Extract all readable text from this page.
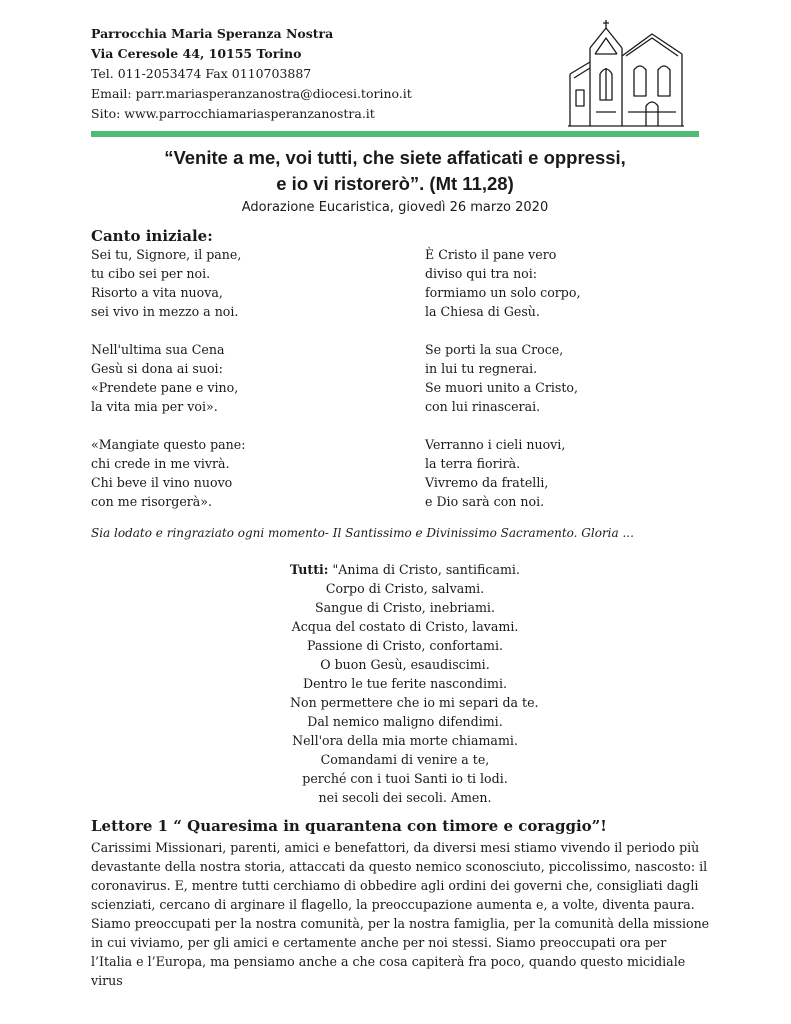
Parrocchia Maria Speranza Nostra
Via Ceresole 44, 10155 Torino
Tel. 011-2053474 Fax 0110703887
Email: parr.mariasperanzanostra@diocesi.torino.it
Sito: www.parrocchiamariasperanzanostra.it
“Venite a me, voi tutti, che siete affaticati e oppressi,
e io vi ristorerò”. (Mt 11,28)
Adorazione Eucaristica, giovedì 26 marzo 2020
Canto iniziale:
Sei tu, Signore, il pane,
tu cibo sei per noi.
Risorto a vita nuova,
sei vivo in mezzo a noi.
Nell'ultima sua Cena
Gesù si dona ai suoi:
«Prendete pane e vino,
la vita mia per voi».
«Mangiate questo pane:
chi crede in me vivrà.
Chi beve il vino nuovo
con me risorgerà».
È Cristo il pane vero
diviso qui tra noi:
formiamo un solo corpo,
la Chiesa di Gesù.
Se porti la sua Croce,
in lui tu regnerai.
Se muori unito a Cristo,
con lui rinascerai.
Verranno i cieli nuovi,
la terra fiorirà.
Vivremo da fratelli,
e Dio sarà con noi.
Sia lodato e ringraziato ogni momento- Il Santissimo e Divinissimo Sacramento. Gloria ...
Tutti: "Anima di Cristo, santificami.
Corpo di Cristo, salvami.
Sangue di Cristo, inebriami.
Acqua del costato di Cristo, lavami.
Passione di Cristo, confortami.
O buon Gesù, esaudiscimi.
Dentro le tue ferite nascondimi.
Non permettere che io mi separi da te.
Dal nemico maligno difendimi.
Nell'ora della mia morte chiamami.
Comandami di venire a te,
perché con i tuoi Santi io ti lodi.
nei secoli dei secoli. Amen.
Lettore 1 “ Quaresima in quarantena con timore e coraggio”!
Carissimi Missionari, parenti, amici e benefattori, da diversi mesi stiamo vivendo il periodo più devastante della nostra storia, attaccati da questo nemico sconosciuto, piccolissimo, nascosto: il coronavirus. E, mentre tutti cerchiamo di obbedire agli ordini dei governi che, consigliati dagli scienziati, cercano di arginare il flagello, la preoccupazione aumenta e, a volte, diventa paura. Siamo preoccupati per la nostra comunità, per la nostra famiglia, per la comunità della missione in cui viviamo, per gli amici e certamente anche per noi stessi. Siamo preoccupati ora per l’Italia e l’Europa, ma pensiamo anche a che cosa capiterà fra poco, quando questo micidiale virus
